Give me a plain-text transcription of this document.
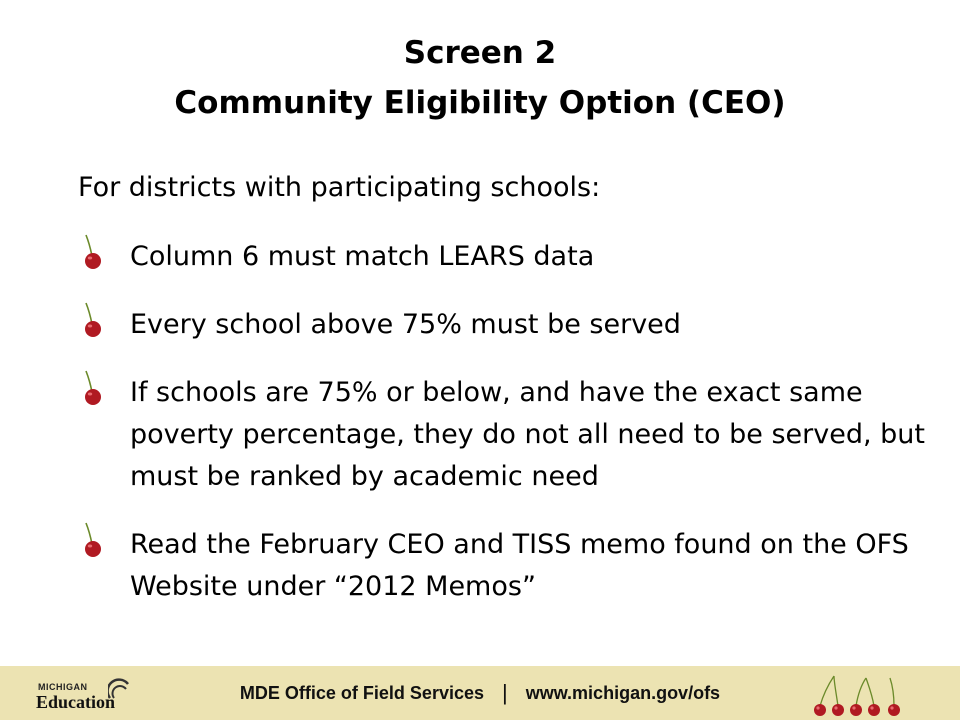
Screen 2
Community Eligibility Option (CEO)

For districts with participating schools:

Column 6 must match LEARS data
Every school above 75% must be served
If schools are 75% or below, and have the exact same poverty percentage, they do not all need to be served, but must be ranked by academic need
Read the February CEO and TISS memo found on the OFS Website under “2012 Memos”
MICHIGAN
Education	MDE Office of Field Services | www.michigan.gov/ofs
